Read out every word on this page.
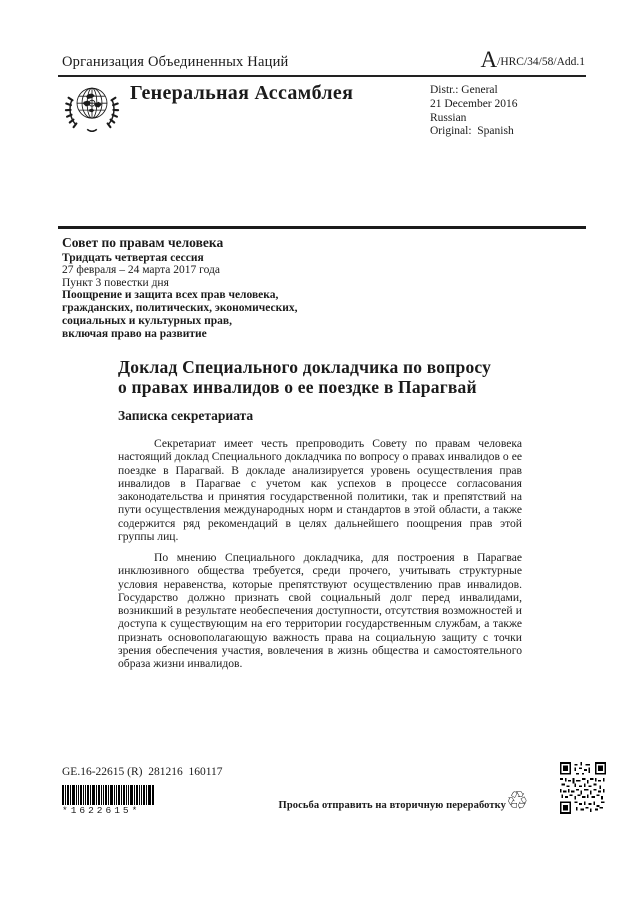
Организация Объединенных Наций	A/HRC/34/58/Add.1
Генеральная Ассамблея	Distr.: General
21 December 2016
Russian
Original:  Spanish
Совет по правам человека
Тридцать четвертая сессия
27 февраля – 24 марта 2017 года
Пункт 3 повестки дня
Поощрение и защита всех прав человека,
гражданских, политических, экономических,
социальных и культурных прав,
включая право на развитие
Доклад Специального докладчика по вопросу
о правах инвалидов о ее поездке в Парагвай
Записка секретариата

Секретариат имеет честь препроводить Совету по правам человека настоящий доклад Специального докладчика по вопросу о правах инвалидов о ее поездке в Парагвай. В докладе анализируется уровень осуществления прав инвалидов в Парагвае с учетом как успехов в процессе согласования законодательства и принятия государственной политики, так и препятствий на пути осуществления международных норм и стандартов в этой области, а также содержится ряд рекомендаций в целях дальнейшего поощрения прав этой группы лиц.

По мнению Специального докладчика, для построения в Парагвае инклюзивного общества требуется, среди прочего, учитывать структурные условия неравенства, которые препятствуют осуществлению прав инвалидов. Государство должно признать свой социальный долг перед инвалидами, возникший в результате необеспечения доступности, отсутствия возможностей и доступа к существующим на его территории государственным службам, а также признать основополагающую важность права на социальную защиту с точки зрения обеспечения участия, вовлечения в жизнь общества и самостоятельного образа жизни инвалидов.

GE.16-22615 (R)  281216  160117
*1622615*	Просьба отправить на вторичную переработку ♲
